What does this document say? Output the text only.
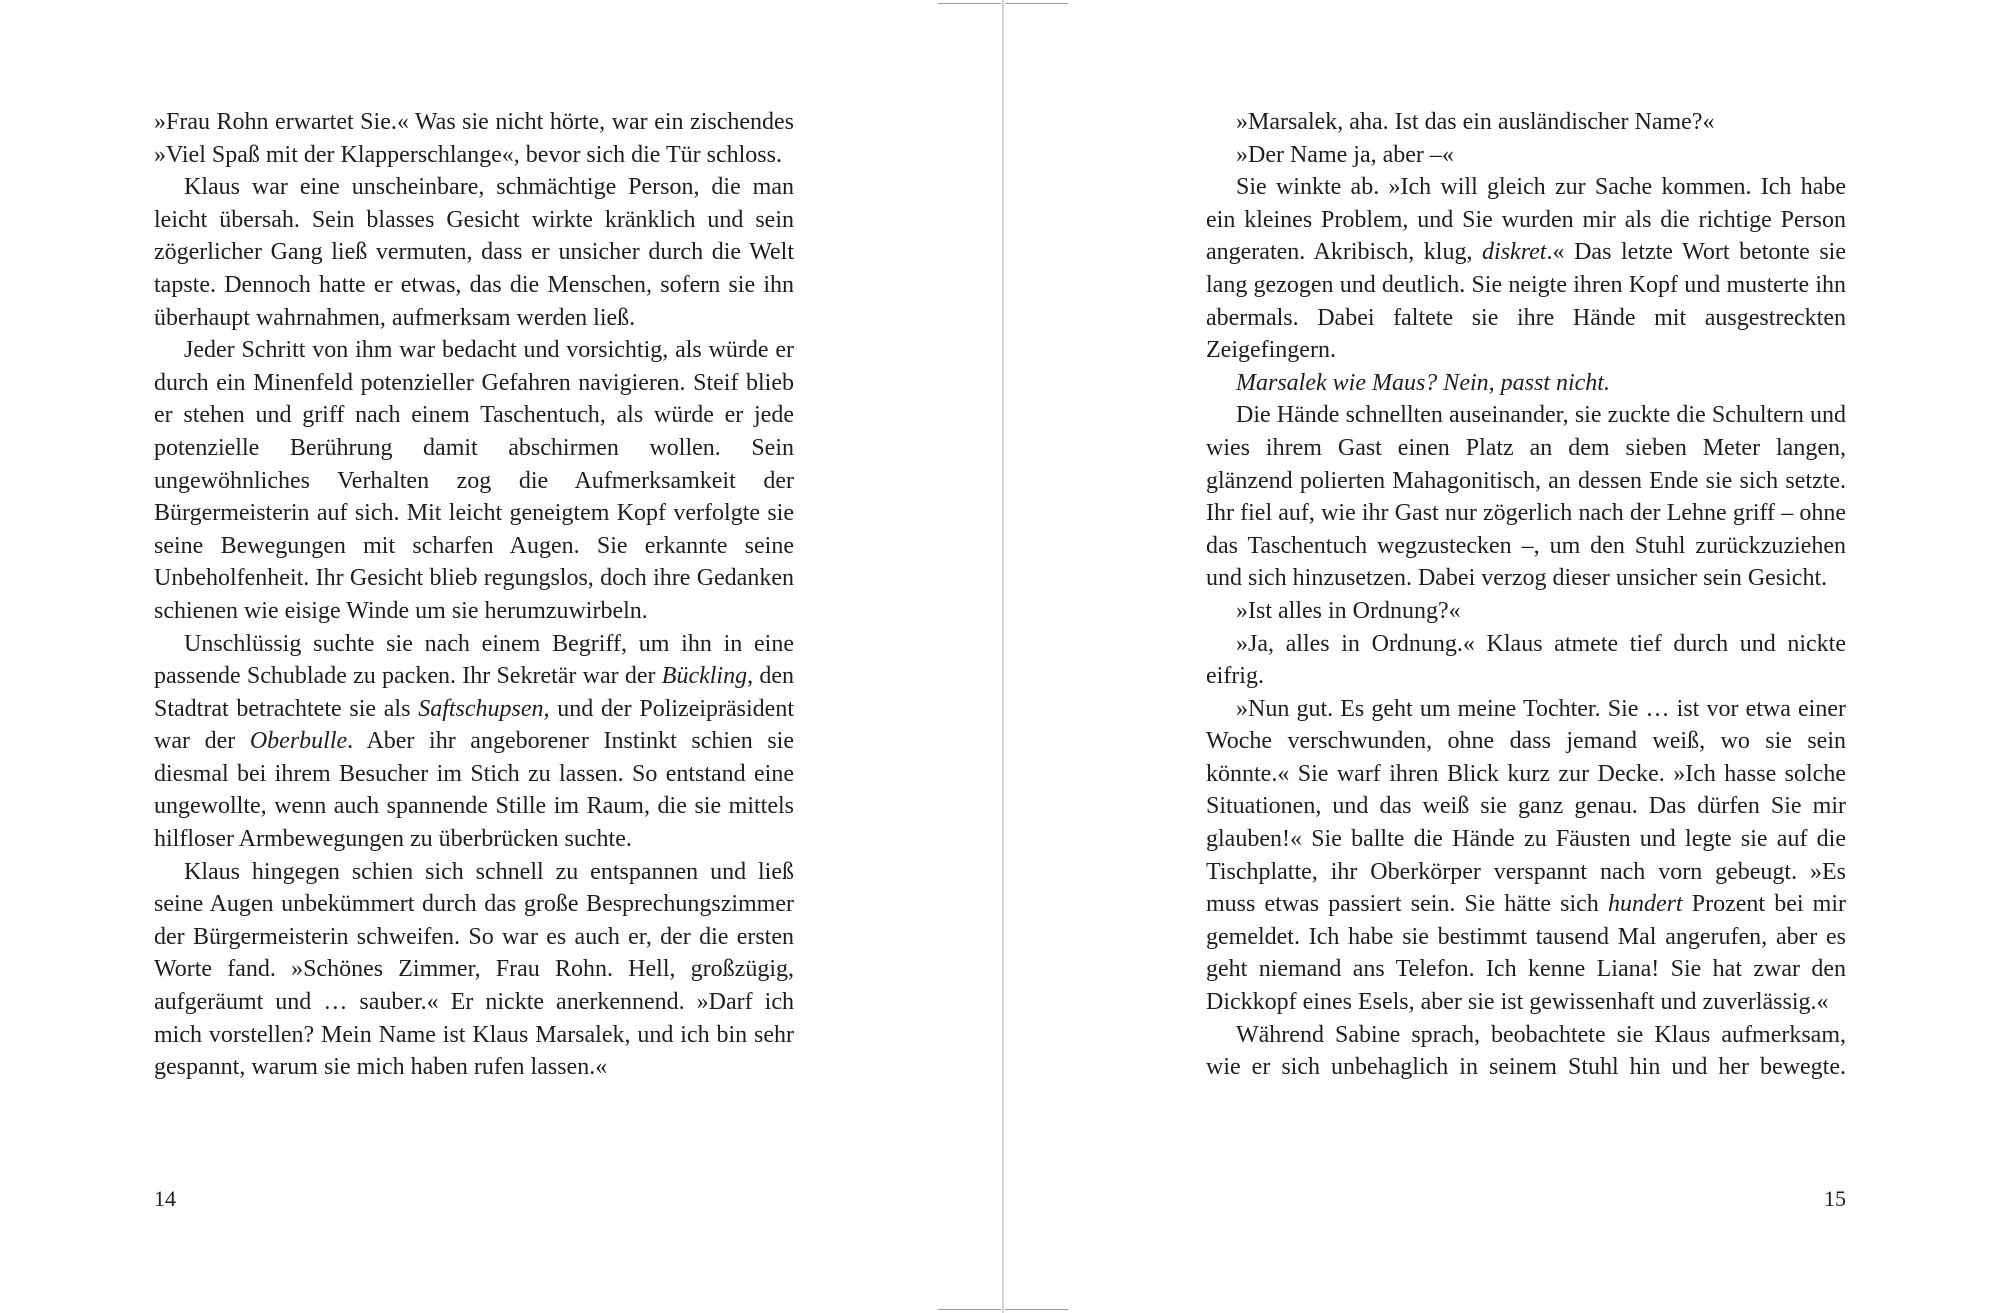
»Frau Rohn erwartet Sie.« Was sie nicht hörte, war ein zischendes »Viel Spaß mit der Klapperschlange«, bevor sich die Tür schloss.

Klaus war eine unscheinbare, schmächtige Person, die man leicht übersah. Sein blasses Gesicht wirkte kränklich und sein zögerlicher Gang ließ vermuten, dass er unsicher durch die Welt tapste. Dennoch hatte er etwas, das die Menschen, sofern sie ihn überhaupt wahrnahmen, aufmerksam werden ließ.

Jeder Schritt von ihm war bedacht und vorsichtig, als würde er durch ein Minenfeld potenzieller Gefahren navigieren. Steif blieb er stehen und griff nach einem Taschentuch, als würde er jede potenzielle Berührung damit abschirmen wollen. Sein ungewöhnliches Verhalten zog die Aufmerksamkeit der Bürgermeisterin auf sich. Mit leicht geneigtem Kopf verfolgte sie seine Bewegungen mit scharfen Augen. Sie erkannte seine Unbeholfenheit. Ihr Gesicht blieb regungslos, doch ihre Gedanken schienen wie eisige Winde um sie herumzuwirbeln.

Unschlüssig suchte sie nach einem Begriff, um ihn in eine passende Schublade zu packen. Ihr Sekretär war der Bückling, den Stadtrat betrachtete sie als Saftschupsen, und der Polizeipräsident war der Oberbulle. Aber ihr angeborener Instinkt schien sie diesmal bei ihrem Besucher im Stich zu lassen. So entstand eine ungewollte, wenn auch spannende Stille im Raum, die sie mittels hilfloser Armbewegungen zu überbrücken suchte.

Klaus hingegen schien sich schnell zu entspannen und ließ seine Augen unbekümmert durch das große Besprechungszimmer der Bürgermeisterin schweifen. So war es auch er, der die ersten Worte fand. »Schönes Zimmer, Frau Rohn. Hell, großzügig, aufgeräumt und … sauber.« Er nickte anerkennend. »Darf ich mich vorstellen? Mein Name ist Klaus Marsalek, und ich bin sehr gespannt, warum sie mich haben rufen lassen.«

14

»Marsalek, aha. Ist das ein ausländischer Name?«

»Der Name ja, aber –«

Sie winkte ab. »Ich will gleich zur Sache kommen. Ich habe ein kleines Problem, und Sie wurden mir als die richtige Person angeraten. Akribisch, klug, diskret.« Das letzte Wort betonte sie lang gezogen und deutlich. Sie neigte ihren Kopf und musterte ihn abermals. Dabei faltete sie ihre Hände mit ausgestreckten Zeigefingern.

Marsalek wie Maus? Nein, passt nicht.

Die Hände schnellten auseinander, sie zuckte die Schultern und wies ihrem Gast einen Platz an dem sieben Meter langen, glänzend polierten Mahagonitisch, an dessen Ende sie sich setzte. Ihr fiel auf, wie ihr Gast nur zögerlich nach der Lehne griff – ohne das Taschentuch wegzustecken –, um den Stuhl zurückzuziehen und sich hinzusetzen. Dabei verzog dieser unsicher sein Gesicht.

»Ist alles in Ordnung?«

»Ja, alles in Ordnung.« Klaus atmete tief durch und nickte eifrig.

»Nun gut. Es geht um meine Tochter. Sie … ist vor etwa einer Woche verschwunden, ohne dass jemand weiß, wo sie sein könnte.« Sie warf ihren Blick kurz zur Decke. »Ich hasse solche Situationen, und das weiß sie ganz genau. Das dürfen Sie mir glauben!« Sie ballte die Hände zu Fäusten und legte sie auf die Tischplatte, ihr Oberkörper verspannt nach vorn gebeugt. »Es muss etwas passiert sein. Sie hätte sich hundert Prozent bei mir gemeldet. Ich habe sie bestimmt tausend Mal angerufen, aber es geht niemand ans Telefon. Ich kenne Liana! Sie hat zwar den Dickkopf eines Esels, aber sie ist gewissenhaft und zuverlässig.«

Während Sabine sprach, beobachtete sie Klaus aufmerksam, wie er sich unbehaglich in seinem Stuhl hin und her bewegte.

15
